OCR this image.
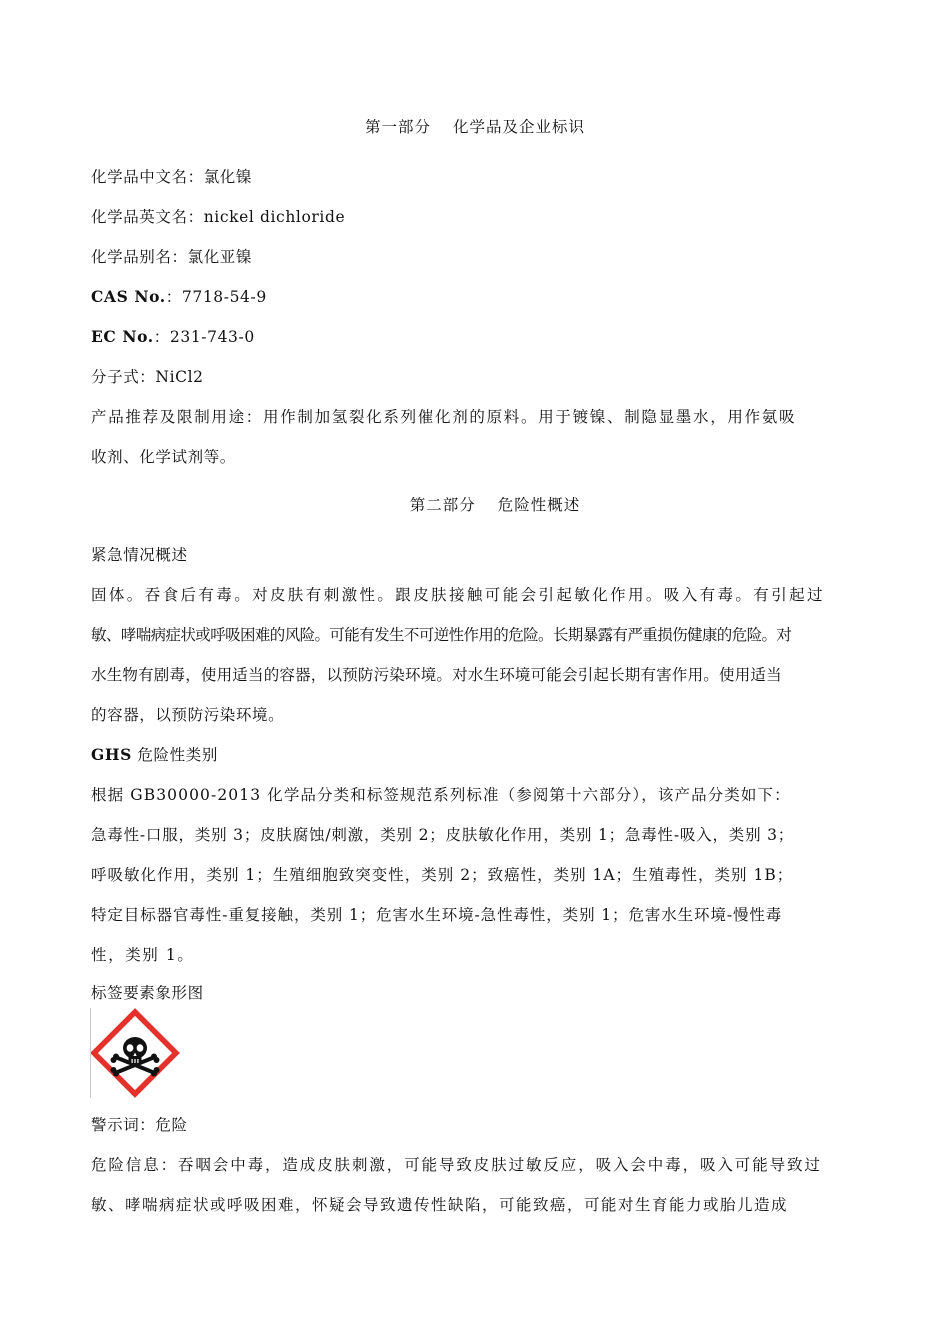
第一部分 化学品及企业标识
化学品中文名：氯化镍
化学品英文名：nickel dichloride
化学品别名：氯化亚镍
CAS No.：7718-54-9
EC No.：231-743-0
分子式：NiCl2
产品推荐及限制用途：用作制加氢裂化系列催化剂的原料。用于镀镍、制隐显墨水，用作氨吸
收剂、化学试剂等。
第二部分 危险性概述
紧急情况概述
固体。吞食后有毒。对皮肤有刺激性。跟皮肤接触可能会引起敏化作用。吸入有毒。有引起过
敏、哮喘病症状或呼吸困难的风险。可能有发生不可逆性作用的危险。长期暴露有严重损伤健康的危险。对
水生物有剧毒，使用适当的容器，以预防污染环境。对水生环境可能会引起长期有害作用。使用适当
的容器，以预防污染环境。
GHS 危险性类别
根据 GB30000-2013 化学品分类和标签规范系列标准（参阅第十六部分），该产品分类如下：
急毒性-口服，类别 3；皮肤腐蚀/刺激，类别 2；皮肤敏化作用，类别 1；急毒性-吸入，类别 3；
呼吸敏化作用，类别 1；生殖细胞致突变性，类别 2；致癌性，类别 1A；生殖毒性，类别 1B；
特定目标器官毒性-重复接触，类别 1；危害水生环境-急性毒性，类别 1；危害水生环境-慢性毒
性，类别 1。
标签要素象形图
警示词：危险
危险信息：吞咽会中毒，造成皮肤刺激，可能导致皮肤过敏反应，吸入会中毒，吸入可能导致过
敏、哮喘病症状或呼吸困难，怀疑会导致遗传性缺陷，可能致癌，可能对生育能力或胎儿造成
